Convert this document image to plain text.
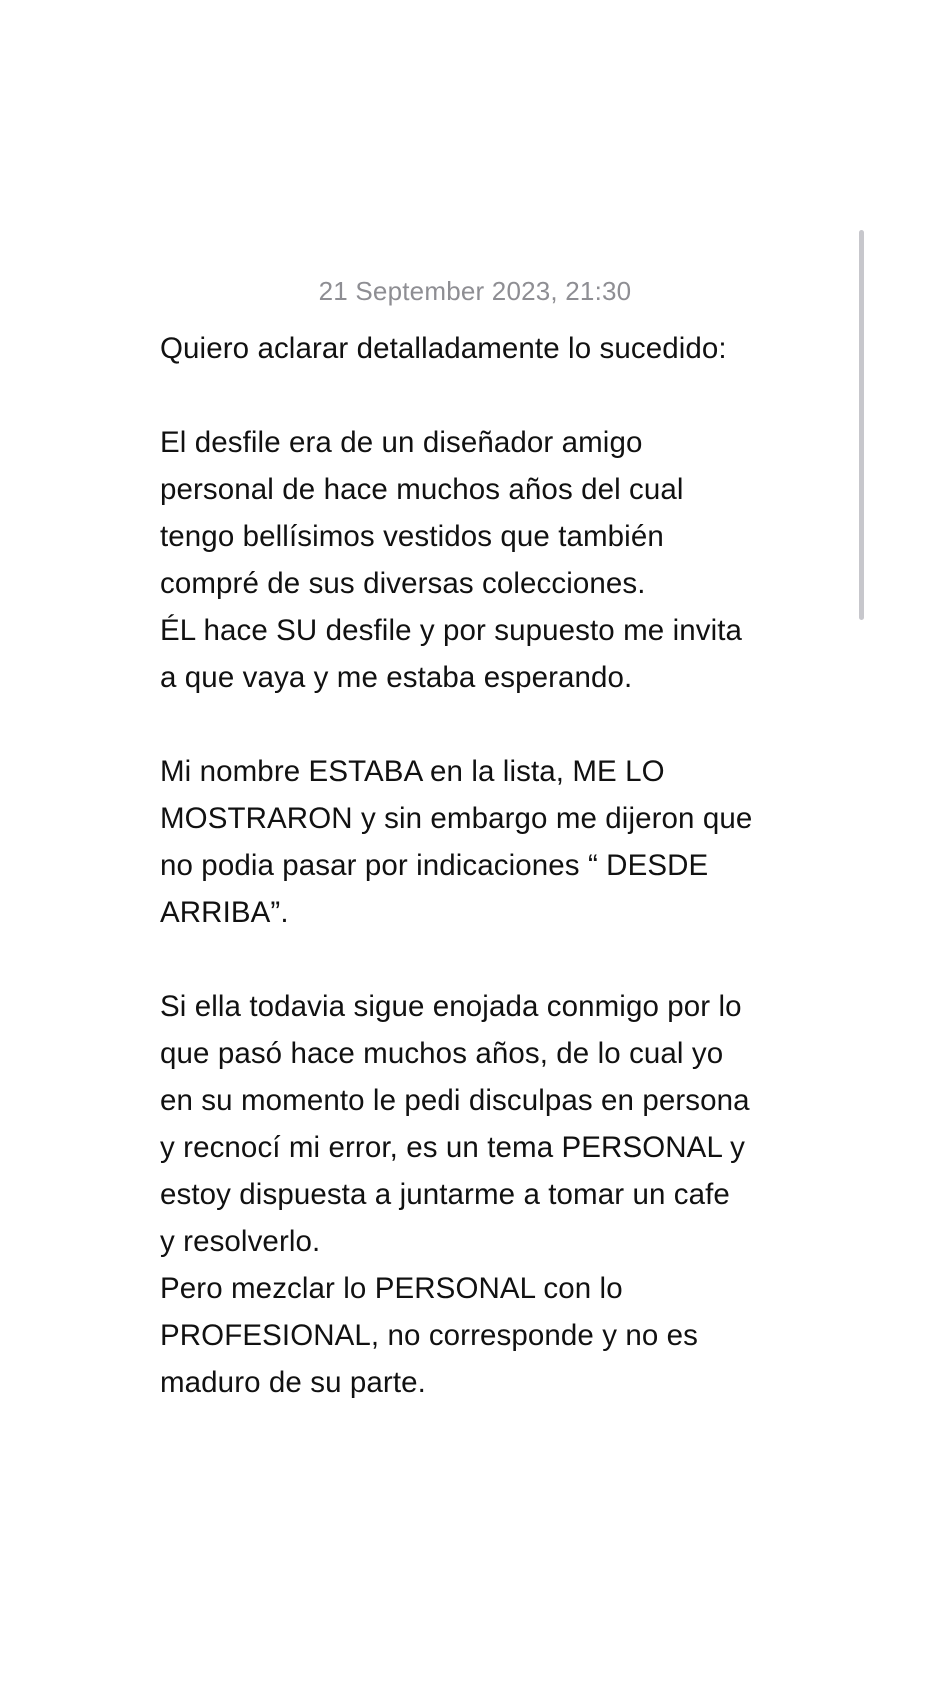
21 September 2023, 21:30
Quiero aclarar detalladamente lo sucedido:
El desfile era de un diseñador amigo
personal de hace muchos años del cual
tengo bellísimos vestidos que también
compré de sus diversas colecciones.
ÉL hace SU desfile y por supuesto me invita
a que vaya y me estaba esperando.
Mi nombre ESTABA en la lista, ME LO
MOSTRARON y sin embargo me dijeron que
no podia pasar por indicaciones “ DESDE
ARRIBA”.
Si ella todavia sigue enojada conmigo por lo
que pasó hace muchos años, de lo cual yo
en su momento le pedi disculpas en persona
y recnocí mi error, es un tema PERSONAL y
estoy dispuesta a juntarme a tomar un cafe
y resolverlo.
Pero mezclar lo PERSONAL con lo
PROFESIONAL, no corresponde y no es
maduro de su parte.
